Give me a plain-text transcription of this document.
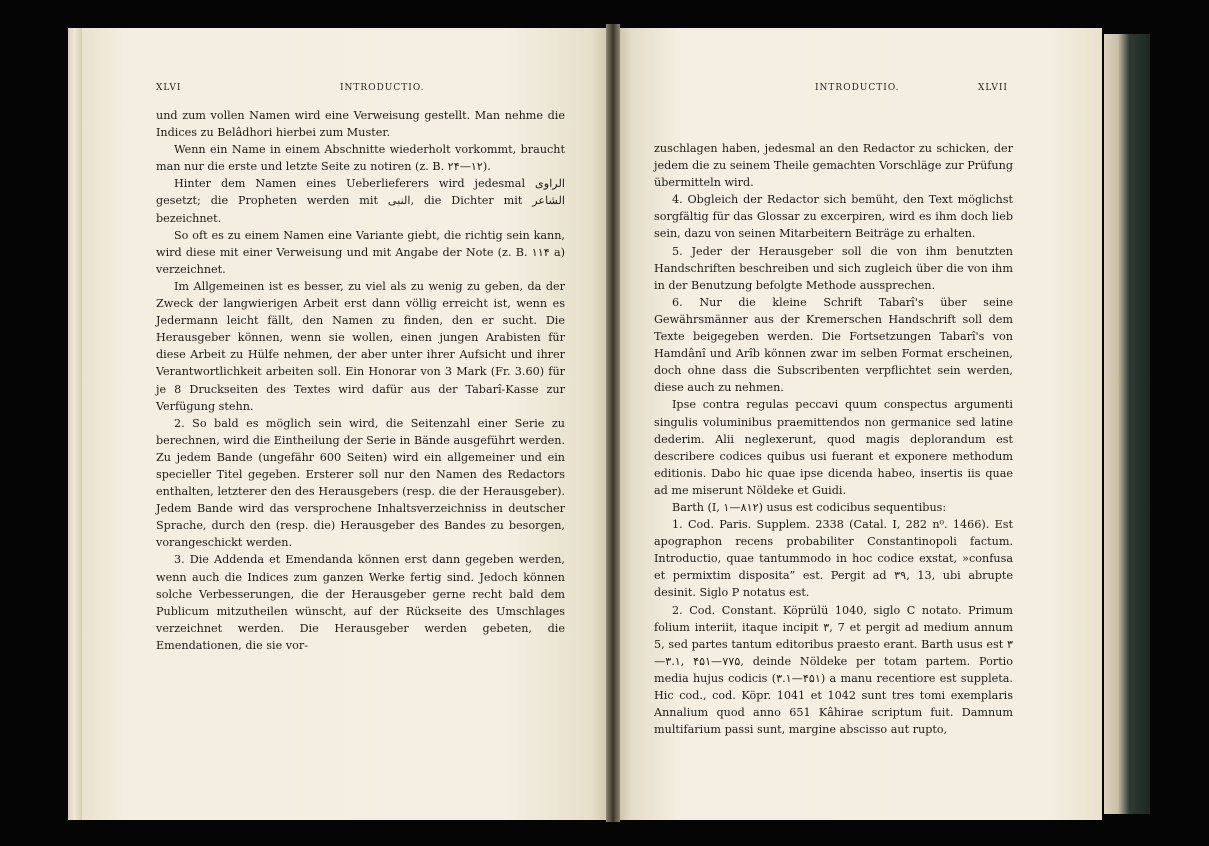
XLVI	INTRODUCTIO.	INTRODUCTIO.	XLVII

und zum vollen Namen wird eine Verweisung gestellt. Man nehme die Indices zu Belâdhori hierbei zum Muster.

Wenn ein Name in einem Abschnitte wiederholt vorkommt, braucht man nur die erste und letzte Seite zu notiren (z. B. ۲۴—۱۲).

Hinter dem Namen eines Ueberlieferers wird jedesmal الراوى gesetzt; die Propheten werden mit النبى, die Dichter mit الشاعر bezeichnet.

So oft es zu einem Namen eine Variante giebt, die richtig sein kann, wird diese mit einer Verweisung und mit Angabe der Note (z. B. ۱۱۴ a) verzeichnet.

Im Allgemeinen ist es besser, zu viel als zu wenig zu geben, da der Zweck der langwierigen Arbeit erst dann völlig erreicht ist, wenn es Jedermann leicht fällt, den Namen zu finden, den er sucht. Die Herausgeber können, wenn sie wollen, einen jungen Arabisten für diese Arbeit zu Hülfe nehmen, der aber unter ihrer Aufsicht und ihrer Verantwortlichkeit arbeiten soll. Ein Honorar von 3 Mark (Fr. 3.60) für je 8 Druckseiten des Textes wird dafür aus der Tabarî-Kasse zur Verfügung stehn.

2. So bald es möglich sein wird, die Seitenzahl einer Serie zu berechnen, wird die Eintheilung der Serie in Bände ausgeführt werden. Zu jedem Bande (ungefähr 600 Seiten) wird ein allgemeiner und ein specieller Titel gegeben. Ersterer soll nur den Namen des Redactors enthalten, letzterer den des Herausgebers (resp. die der Herausgeber). Jedem Bande wird das versprochene Inhaltsverzeichniss in deutscher Sprache, durch den (resp. die) Herausgeber des Bandes zu besorgen, vorangeschickt werden.

3. Die Addenda et Emendanda können erst dann gegeben werden, wenn auch die Indices zum ganzen Werke fertig sind. Jedoch können solche Verbesserungen, die der Herausgeber gerne recht bald dem Publicum mitzutheilen wünscht, auf der Rückseite des Umschlages verzeichnet werden. Die Herausgeber werden gebeten, die Emendationen, die sie vor-

zuschlagen haben, jedesmal an den Redactor zu schicken, der jedem die zu seinem Theile gemachten Vorschläge zur Prüfung übermitteln wird.

4. Obgleich der Redactor sich bemüht, den Text möglichst sorgfältig für das Glossar zu excerpiren, wird es ihm doch lieb sein, dazu von seinen Mitarbeitern Beiträge zu erhalten.

5. Jeder der Herausgeber soll die von ihm benutzten Handschriften beschreiben und sich zugleich über die von ihm in der Benutzung befolgte Methode aussprechen.

6. Nur die kleine Schrift Tabarî's über seine Gewährsmänner aus der Kremerschen Handschrift soll dem Texte beigegeben werden. Die Fortsetzungen Tabarî's von Hamdânî und Arîb können zwar im selben Format erscheinen, doch ohne dass die Subscribenten verpflichtet sein werden, diese auch zu nehmen.

Ipse contra regulas peccavi quum conspectus argumenti singulis voluminibus praemittendos non germanice sed latine dederim. Alii neglexerunt, quod magis deplorandum est describere codices quibus usi fuerant et exponere methodum editionis. Dabo hic quae ipse dicenda habeo, insertis iis quae ad me miserunt Nöldeke et Guidi.

Barth (I, ۱—۸۱۲) usus est codicibus sequentibus:

1. Cod. Paris. Supplem. 2338 (Catal. I, 282 n⁰. 1466). Est apographon recens probabiliter Constantinopoli factum. Introductio, quae tantummodo in hoc codice exstat, »confusa et permixtim disposita” est. Pergit ad ۳۹, 13, ubi abrupte desinit. Siglo P notatus est.

2. Cod. Constant. Köprülü 1040, siglo C notato. Primum folium interiit, itaque incipit ۳, 7 et pergit ad medium annum 5, sed partes tantum editoribus praesto erant. Barth usus est ۳—۳.۱, ۴۵۱—۷۷۵, deinde Nöldeke per totam partem. Portio media hujus codicis (۳.۱—۴۵۱) a manu recentiore est suppleta. Hic cod., cod. Köpr. 1041 et 1042 sunt tres tomi exemplaris Annalium quod anno 651 Kâhirae scriptum fuit. Damnum multifarium passi sunt, margine abscisso aut rupto,
